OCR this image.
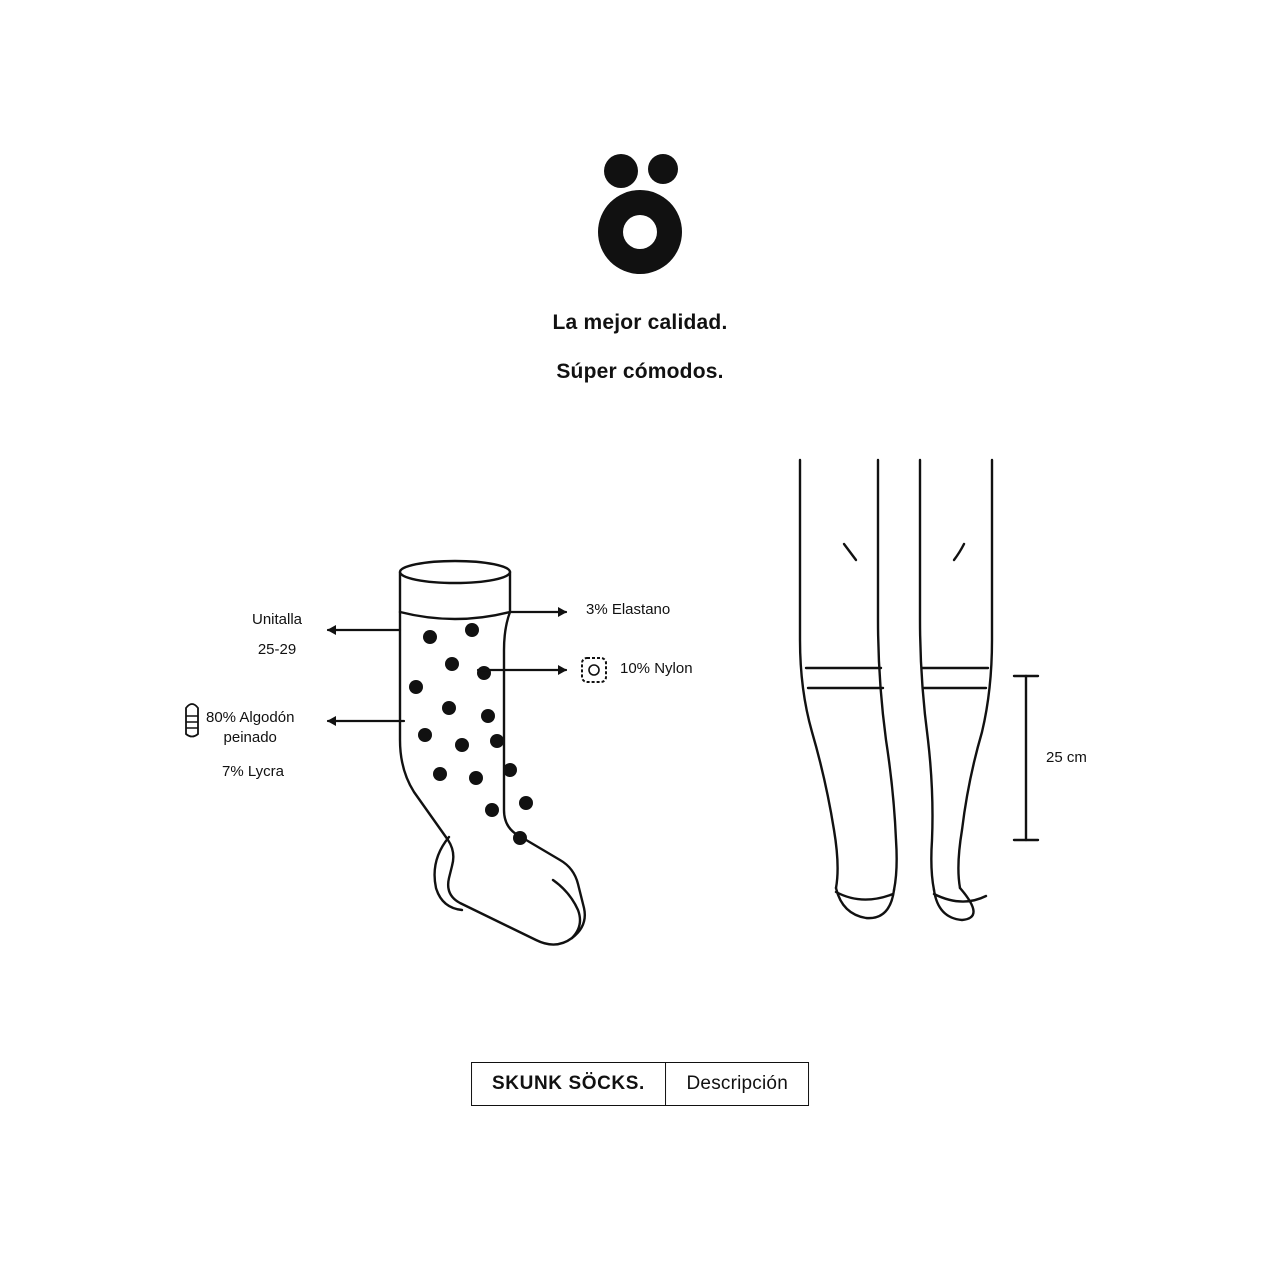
La mejor calidad.
Súper cómodos.
Unitalla
25-29
3% Elastano
10% Nylon
80% Algodón
peinado
7% Lycra
25 cm
SKUNK SÖCKS. Descripción
